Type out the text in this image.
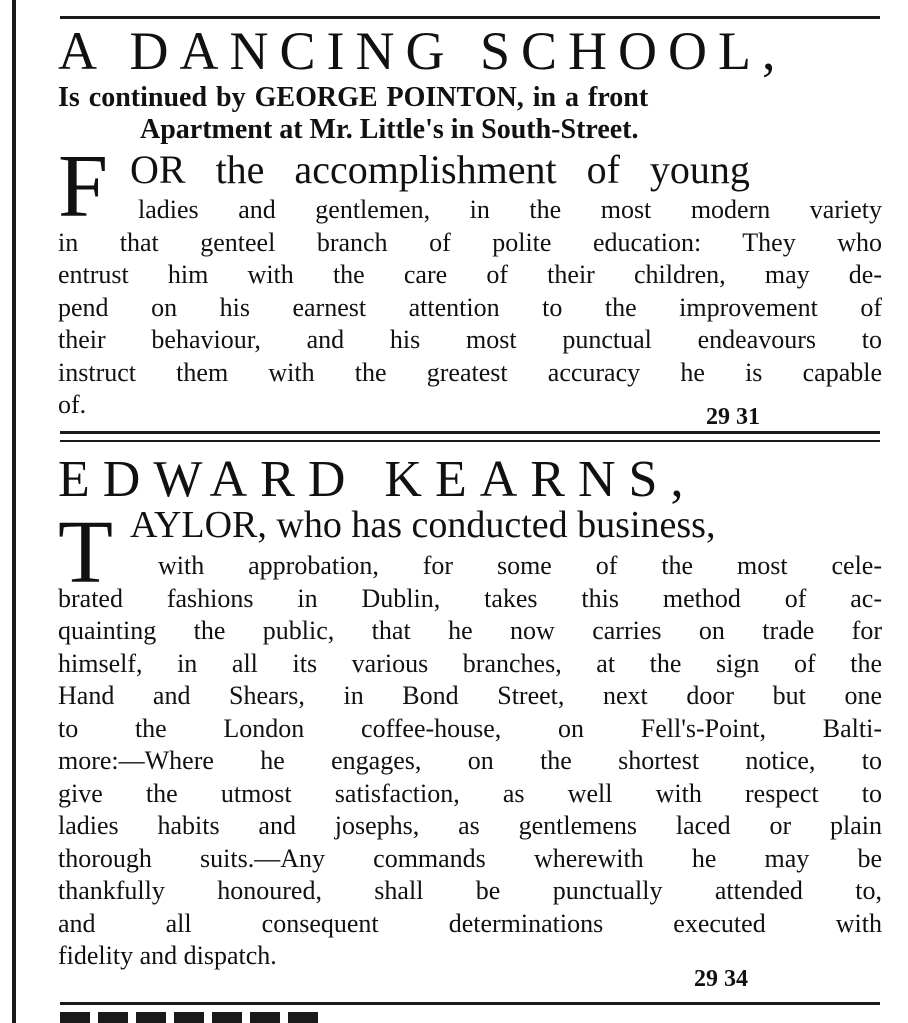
A DANCING SCHOOL,
Is continued by GEORGE POINTON, in a front
Apartment at Mr. Little's in South-Street.
F OR the accomplishment of young
ladies and gentlemen, in the most modern variety
in that genteel branch of polite education: They who
entrust him with the care of their children, may de-
pend on his earnest attention to the improvement of
their behaviour, and his most punctual endeavours to
instruct them with the greatest accuracy he is capable
of.	29 31
EDWARD KEARNS,
T AYLOR, who has conducted business,
with approbation, for some of the most cele-
brated fashions in Dublin, takes this method of ac-
quainting the public, that he now carries on trade for
himself, in all its various branches, at the sign of the
Hand and Shears, in Bond Street, next door but one
to the London coffee-house, on Fell's-Point, Balti-
more:—Where he engages, on the shortest notice, to
give the utmost satisfaction, as well with respect to
ladies habits and josephs, as gentlemens laced or plain
thorough suits.—Any commands wherewith he may be
thankfully honoured, shall be punctually attended to,
and all consequent determinations executed with
fidelity and dispatch.
29 34
